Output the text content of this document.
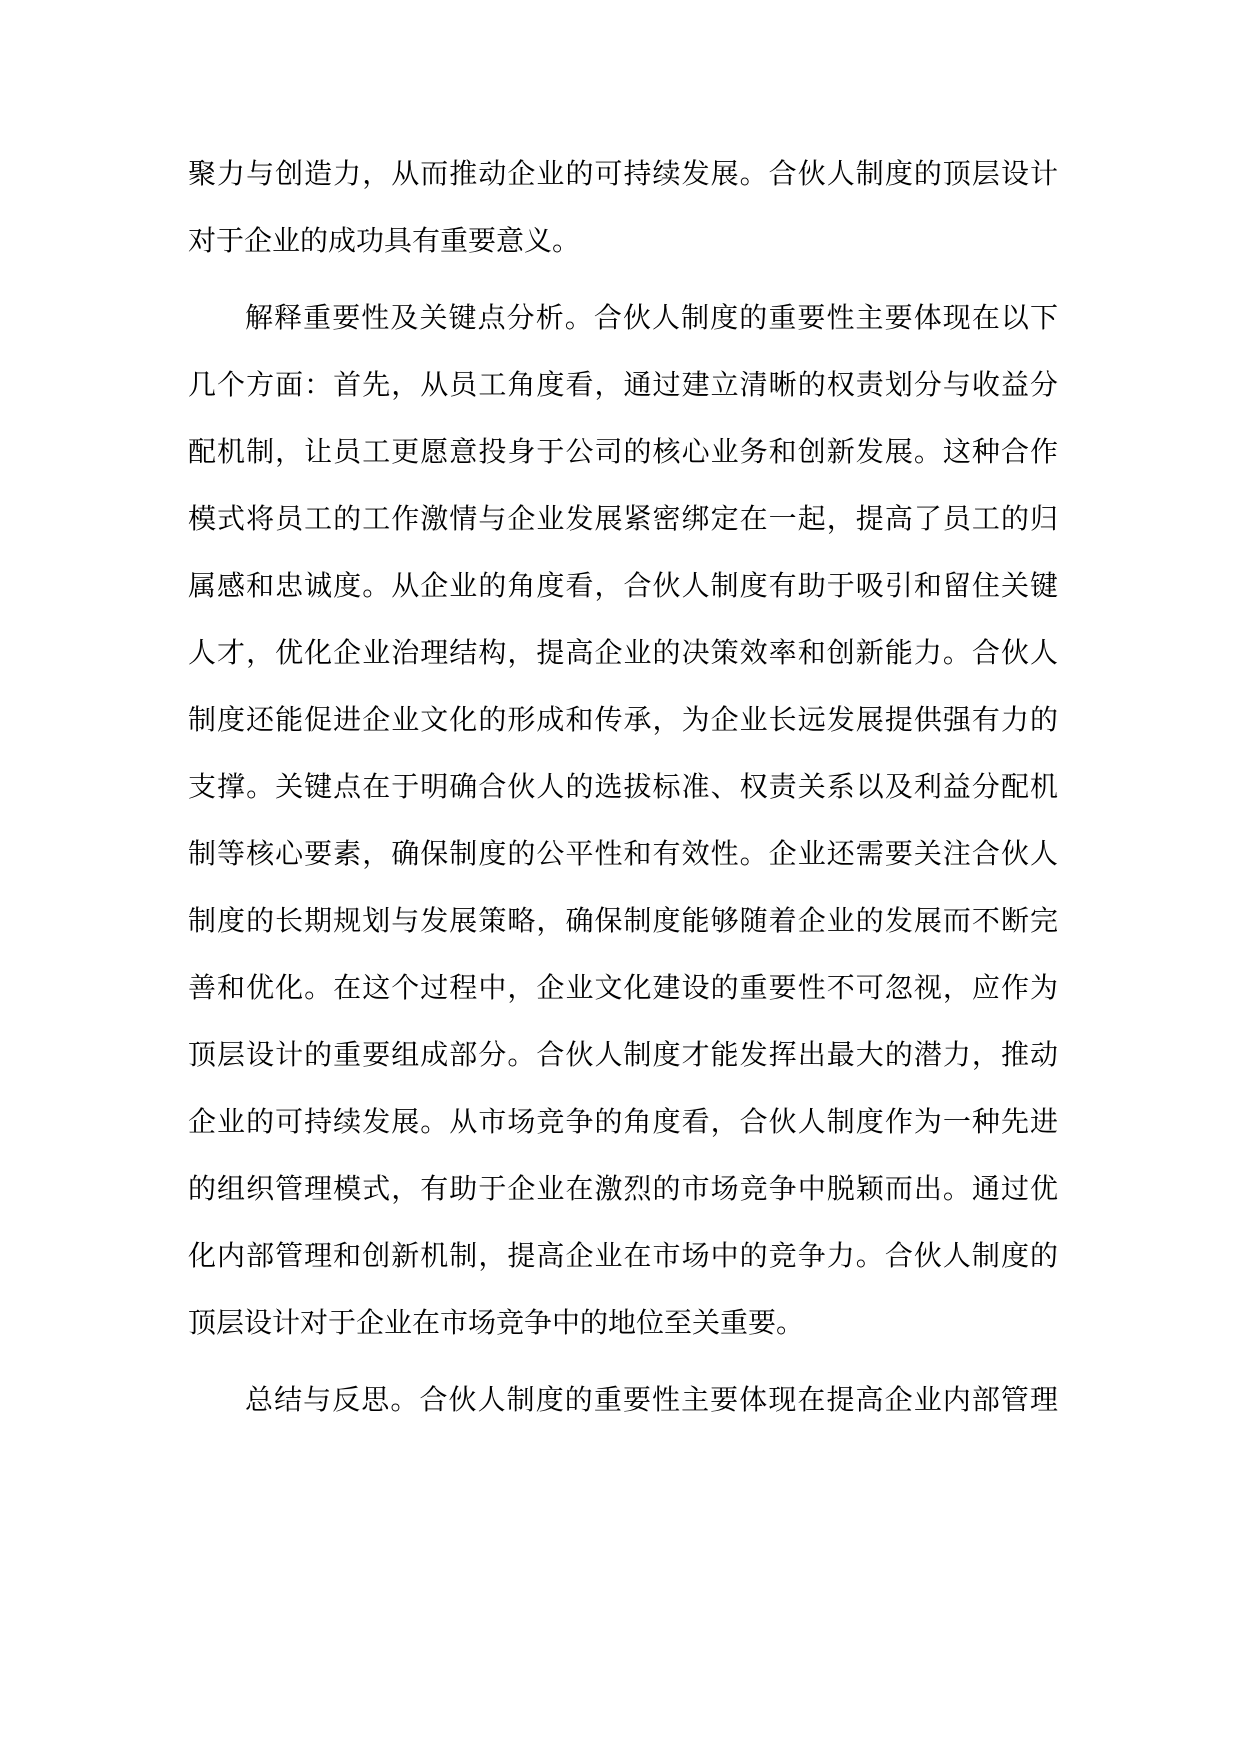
聚力与创造力，从而推动企业的可持续发展。合伙人制度的顶层设计
对于企业的成功具有重要意义。
解释重要性及关键点分析。合伙人制度的重要性主要体现在以下
几个方面：首先，从员工角度看，通过建立清晰的权责划分与收益分
配机制，让员工更愿意投身于公司的核心业务和创新发展。这种合作
模式将员工的工作激情与企业发展紧密绑定在一起，提高了员工的归
属感和忠诚度。从企业的角度看，合伙人制度有助于吸引和留住关键
人才，优化企业治理结构，提高企业的决策效率和创新能力。合伙人
制度还能促进企业文化的形成和传承，为企业长远发展提供强有力的
支撑。关键点在于明确合伙人的选拔标准、权责关系以及利益分配机
制等核心要素，确保制度的公平性和有效性。企业还需要关注合伙人
制度的长期规划与发展策略，确保制度能够随着企业的发展而不断完
善和优化。在这个过程中，企业文化建设的重要性不可忽视，应作为
顶层设计的重要组成部分。合伙人制度才能发挥出最大的潜力，推动
企业的可持续发展。从市场竞争的角度看，合伙人制度作为一种先进
的组织管理模式，有助于企业在激烈的市场竞争中脱颖而出。通过优
化内部管理和创新机制，提高企业在市场中的竞争力。合伙人制度的
顶层设计对于企业在市场竞争中的地位至关重要。
总结与反思。合伙人制度的重要性主要体现在提高企业内部管理
